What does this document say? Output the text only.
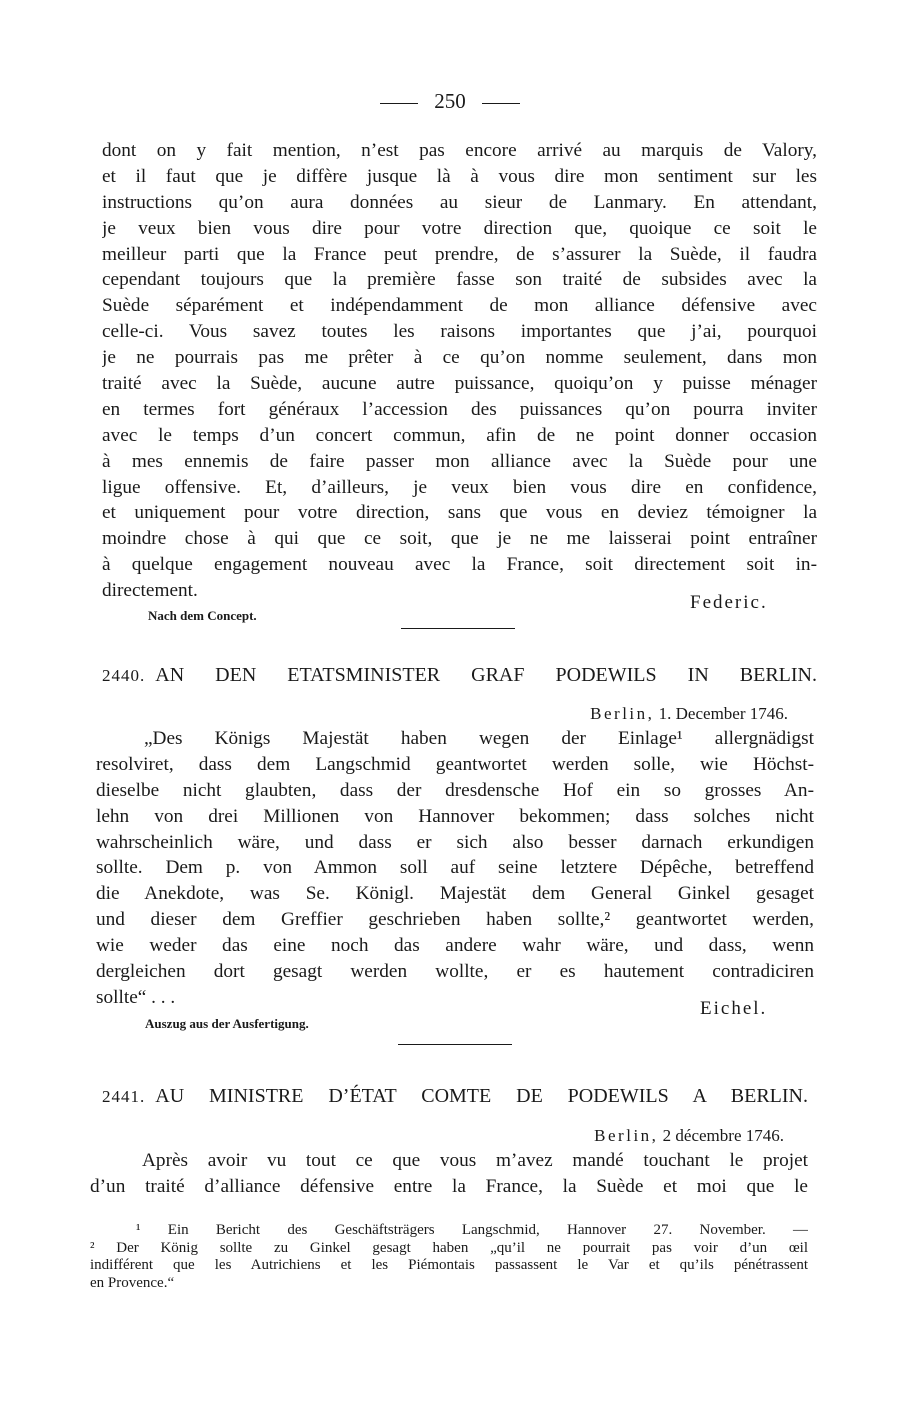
250
dont on y fait mention, n’est pas encore arrivé au marquis de Valory,
et il faut que je diffère jusque là à vous dire mon sentiment sur les
instructions qu’on aura données au sieur de Lanmary. En attendant,
je veux bien vous dire pour votre direction que, quoique ce soit le
meilleur parti que la France peut prendre, de s’assurer la Suède, il faudra
cependant toujours que la première fasse son traité de subsides avec la
Suède séparément et indépendamment de mon alliance défensive avec
celle-ci. Vous savez toutes les raisons importantes que j’ai, pourquoi
je ne pourrais pas me prêter à ce qu’on nomme seulement, dans mon
traité avec la Suède, aucune autre puissance, quoiqu’on y puisse ménager
en termes fort généraux l’accession des puissances qu’on pourra inviter
avec le temps d’un concert commun, afin de ne point donner occasion
à mes ennemis de faire passer mon alliance avec la Suède pour une
ligue offensive. Et, d’ailleurs, je veux bien vous dire en confidence,
et uniquement pour votre direction, sans que vous en deviez témoigner la
moindre chose à qui que ce soit, que je ne me laisserai point entraîner
à quelque engagement nouveau avec la France, soit directement soit in-
directement.
Federic.
Nach dem Concept.
2440. AN DEN ETATSMINISTER GRAF PODEWILS IN BERLIN.
Berlin, 1. December 1746.
„Des Königs Majestät haben wegen der Einlage¹ allergnädigst
resolviret, dass dem Langschmid geantwortet werden solle, wie Höchst-
dieselbe nicht glaubten, dass der dresdensche Hof ein so grosses An-
lehn von drei Millionen von Hannover bekommen; dass solches nicht
wahrscheinlich wäre, und dass er sich also besser darnach erkundigen
sollte. Dem p. von Ammon soll auf seine letztere Dépêche, betreffend
die Anekdote, was Se. Königl. Majestät dem General Ginkel gesaget
und dieser dem Greffier geschrieben haben sollte,² geantwortet werden,
wie weder das eine noch das andere wahr wäre, und dass, wenn
dergleichen dort gesagt werden wollte, er es hautement contradiciren
sollte“ . . .
Eichel.
Auszug aus der Ausfertigung.
2441. AU MINISTRE D’ÉTAT COMTE DE PODEWILS A BERLIN.
Berlin, 2 décembre 1746.
Après avoir vu tout ce que vous m’avez mandé touchant le projet
d’un traité d’alliance défensive entre la France, la Suède et moi que le
¹ Ein Bericht des Geschäftsträgers Langschmid, Hannover 27. November. —
² Der König sollte zu Ginkel gesagt haben „qu’il ne pourrait pas voir d’un œil
indifférent que les Autrichiens et les Piémontais passassent le Var et qu’ils pénétrassent
en Provence.“
